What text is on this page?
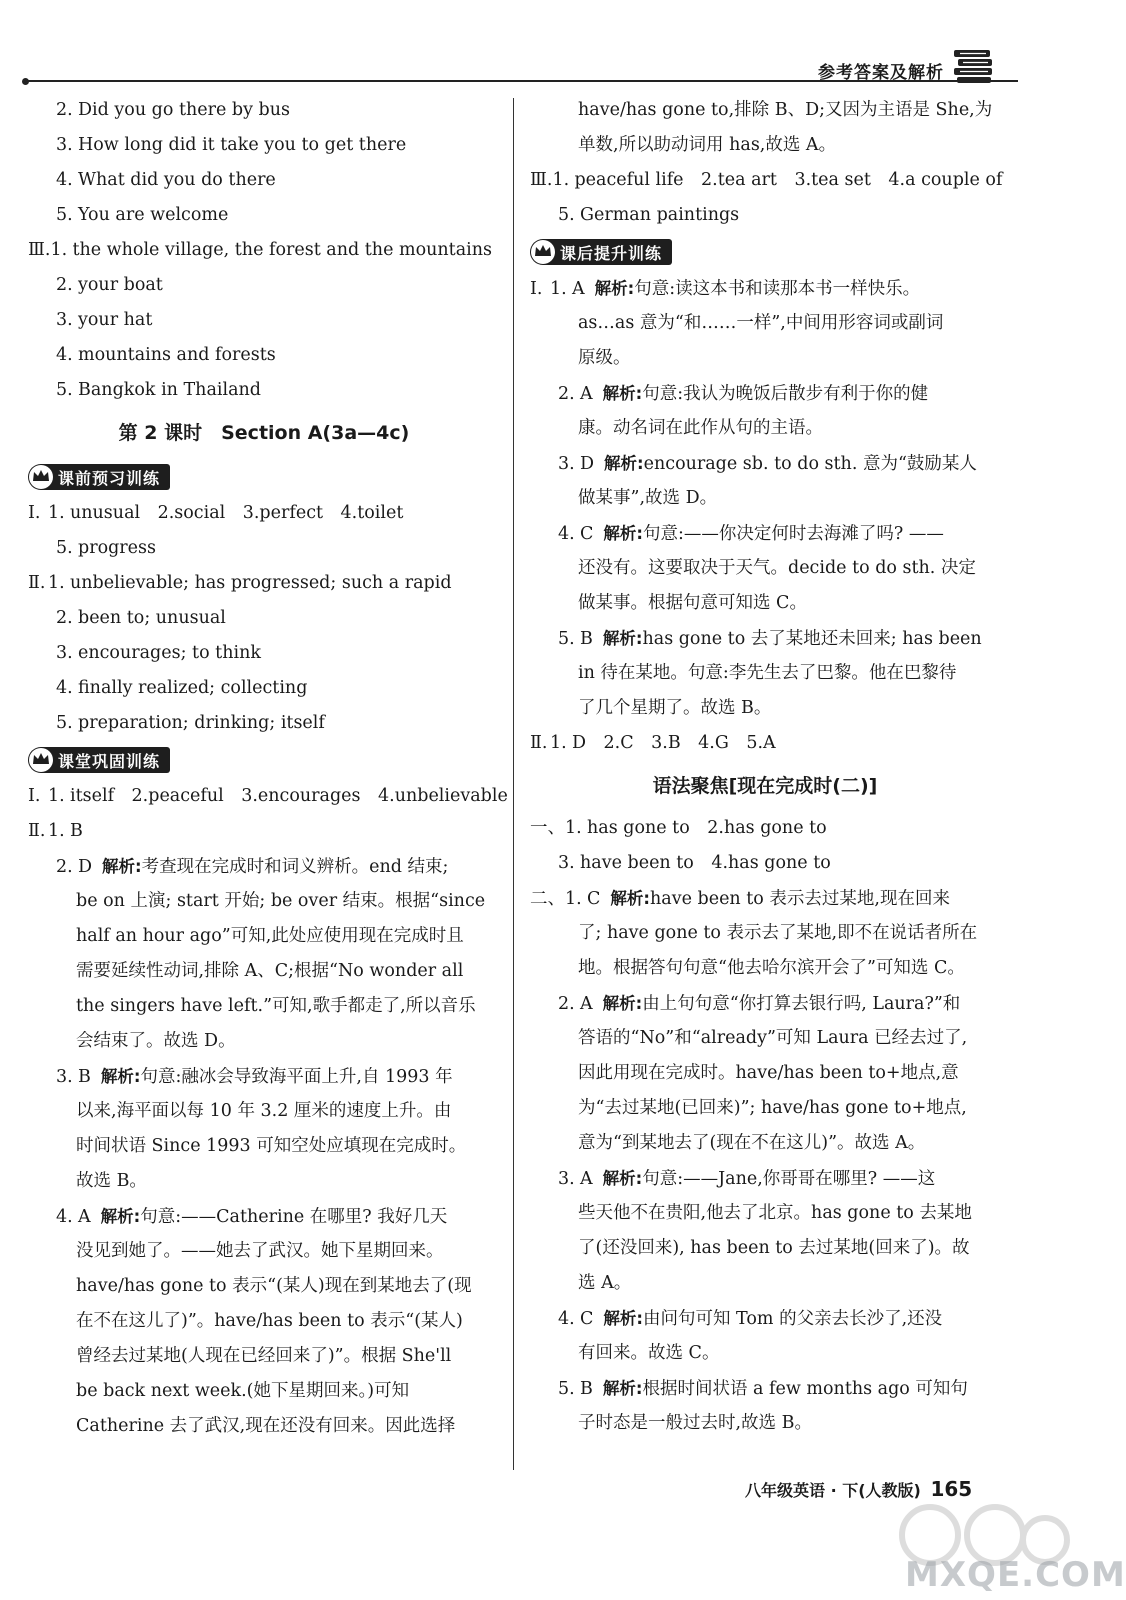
参考答案及解析
2. Did you go there by bus
3. How long did it take you to get there
4. What did you do there
5. You are welcome
Ⅲ.1. the whole village, the forest and the mountains
2. your boat
3. your hat
4. mountains and forests
5. Bangkok in Thailand
第 2 课时　Section A(3a—4c)
课前预习训练
Ⅰ. 1. unusual　2.social　3.perfect　4.toilet
5. progress
Ⅱ. 1. unbelievable; has progressed; such a rapid
2. been to; unusual
3. encourages; to think
4. finally realized; collecting
5. preparation; drinking; itself
课堂巩固训练
Ⅰ. 1. itself　2.peaceful　3.encourages　4.unbelievable
Ⅱ. 1. B
2. D 解析:考查现在完成时和词义辨析。end 结束;
be on 上演; start 开始; be over 结束。根据“since
half an hour ago”可知,此处应使用现在完成时且
需要延续性动词,排除 A、C;根据“No wonder all
the singers have left.”可知,歌手都走了,所以音乐
会结束了。故选 D。
3. B 解析:句意:融冰会导致海平面上升,自 1993 年
以来,海平面以每 10 年 3.2 厘米的速度上升。由
时间状语 Since 1993 可知空处应填现在完成时。
故选 B。
4. A 解析:句意:——Catherine 在哪里? 我好几天
没见到她了。——她去了武汉。她下星期回来。
have/has gone to 表示“(某人)现在到某地去了(现
在不在这儿了)”。have/has been to 表示“(某人)
曾经去过某地(人现在已经回来了)”。根据 She'll
be back next week.(她下星期回来。)可知
Catherine 去了武汉,现在还没有回来。因此选择
have/has gone to,排除 B、D;又因为主语是 She,为
单数,所以助动词用 has,故选 A。
Ⅲ.1. peaceful life　2.tea art　3.tea set　4.a couple of
5. German paintings
课后提升训练
Ⅰ. 1. A 解析:句意:读这本书和读那本书一样快乐。
as…as 意为“和……一样”,中间用形容词或副词
原级。
2. A 解析:句意:我认为晚饭后散步有利于你的健
康。动名词在此作从句的主语。
3. D 解析:encourage sb. to do sth. 意为“鼓励某人
做某事”,故选 D。
4. C 解析:句意:——你决定何时去海滩了吗? ——
还没有。这要取决于天气。decide to do sth. 决定
做某事。根据句意可知选 C。
5. B 解析:has gone to 去了某地还未回来; has been
in 待在某地。句意:李先生去了巴黎。他在巴黎待
了几个星期了。故选 B。
Ⅱ. 1. D　2.C　3.B　4.G　5.A
语法聚焦[现在完成时(二)]
一、1. has gone to　2.has gone to
3. have been to　4.has gone to
二、1. C 解析:have been to 表示去过某地,现在回来
了; have gone to 表示去了某地,即不在说话者所在
地。根据答句句意“他去哈尔滨开会了”可知选 C。
2. A 解析:由上句句意“你打算去银行吗, Laura?”和
答语的“No”和“already”可知 Laura 已经去过了,
因此用现在完成时。have/has been to+地点,意
为“去过某地(已回来)”; have/has gone to+地点,
意为“到某地去了(现在不在这儿)”。故选 A。
3. A 解析:句意:——Jane,你哥哥在哪里? ——这
些天他不在贵阳,他去了北京。has gone to 去某地
了(还没回来), has been to 去过某地(回来了)。故
选 A。
4. C 解析:由问句可知 Tom 的父亲去长沙了,还没
有回来。故选 C。
5. B 解析:根据时间状语 a few months ago 可知句
子时态是一般过去时,故选 B。
八年级英语 · 下(人教版) 165
MXQE.COM
